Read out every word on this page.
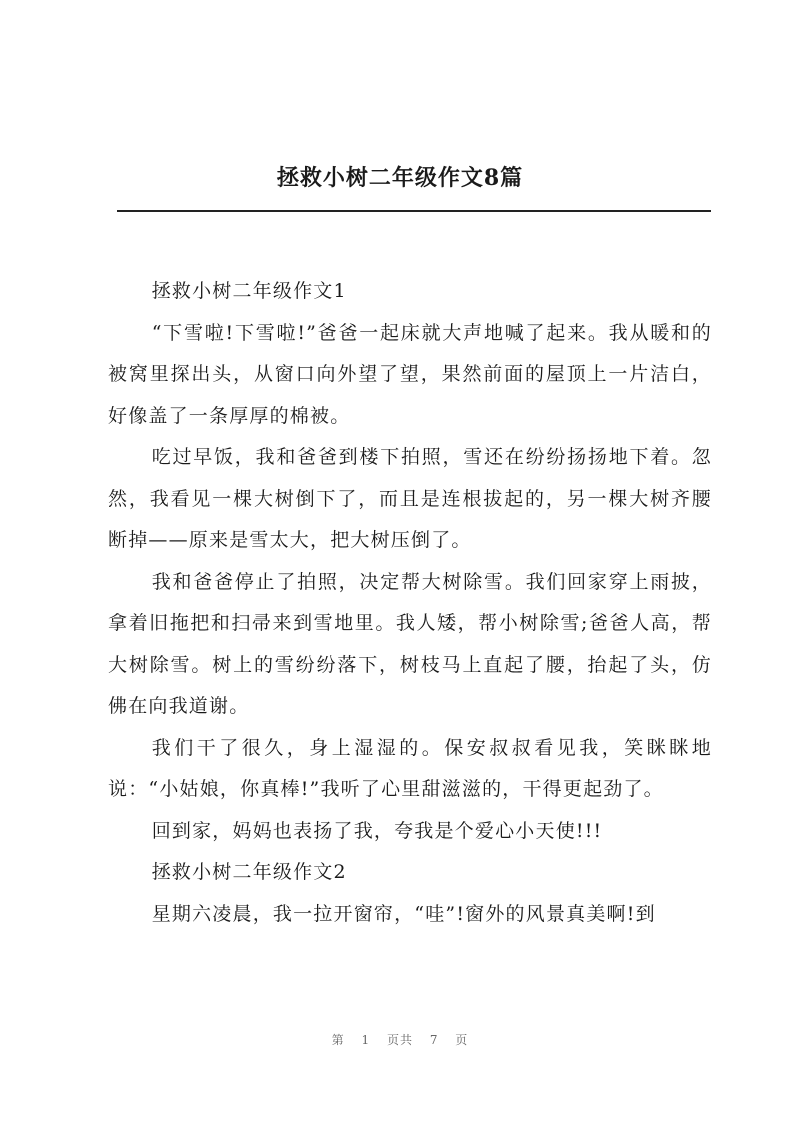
拯救小树二年级作文8篇

拯救小树二年级作文1

“下雪啦!下雪啦!”爸爸一起床就大声地喊了起来。我从暖和的被窝里探出头，从窗口向外望了望，果然前面的屋顶上一片洁白，好像盖了一条厚厚的棉被。

吃过早饭，我和爸爸到楼下拍照，雪还在纷纷扬扬地下着。忽然，我看见一棵大树倒下了，而且是连根拔起的，另一棵大树齐腰断掉——原来是雪太大，把大树压倒了。

我和爸爸停止了拍照，决定帮大树除雪。我们回家穿上雨披，拿着旧拖把和扫帚来到雪地里。我人矮，帮小树除雪;爸爸人高，帮大树除雪。树上的雪纷纷落下，树枝马上直起了腰，抬起了头，仿佛在向我道谢。

我们干了很久，身上湿湿的。保安叔叔看见我，笑眯眯地说：“小姑娘，你真棒!”我听了心里甜滋滋的，干得更起劲了。

回到家，妈妈也表扬了我，夸我是个爱心小天使!!!

拯救小树二年级作文2

星期六凌晨，我一拉开窗帘，“哇”!窗外的风景真美啊!到

第 1 页共 7 页
